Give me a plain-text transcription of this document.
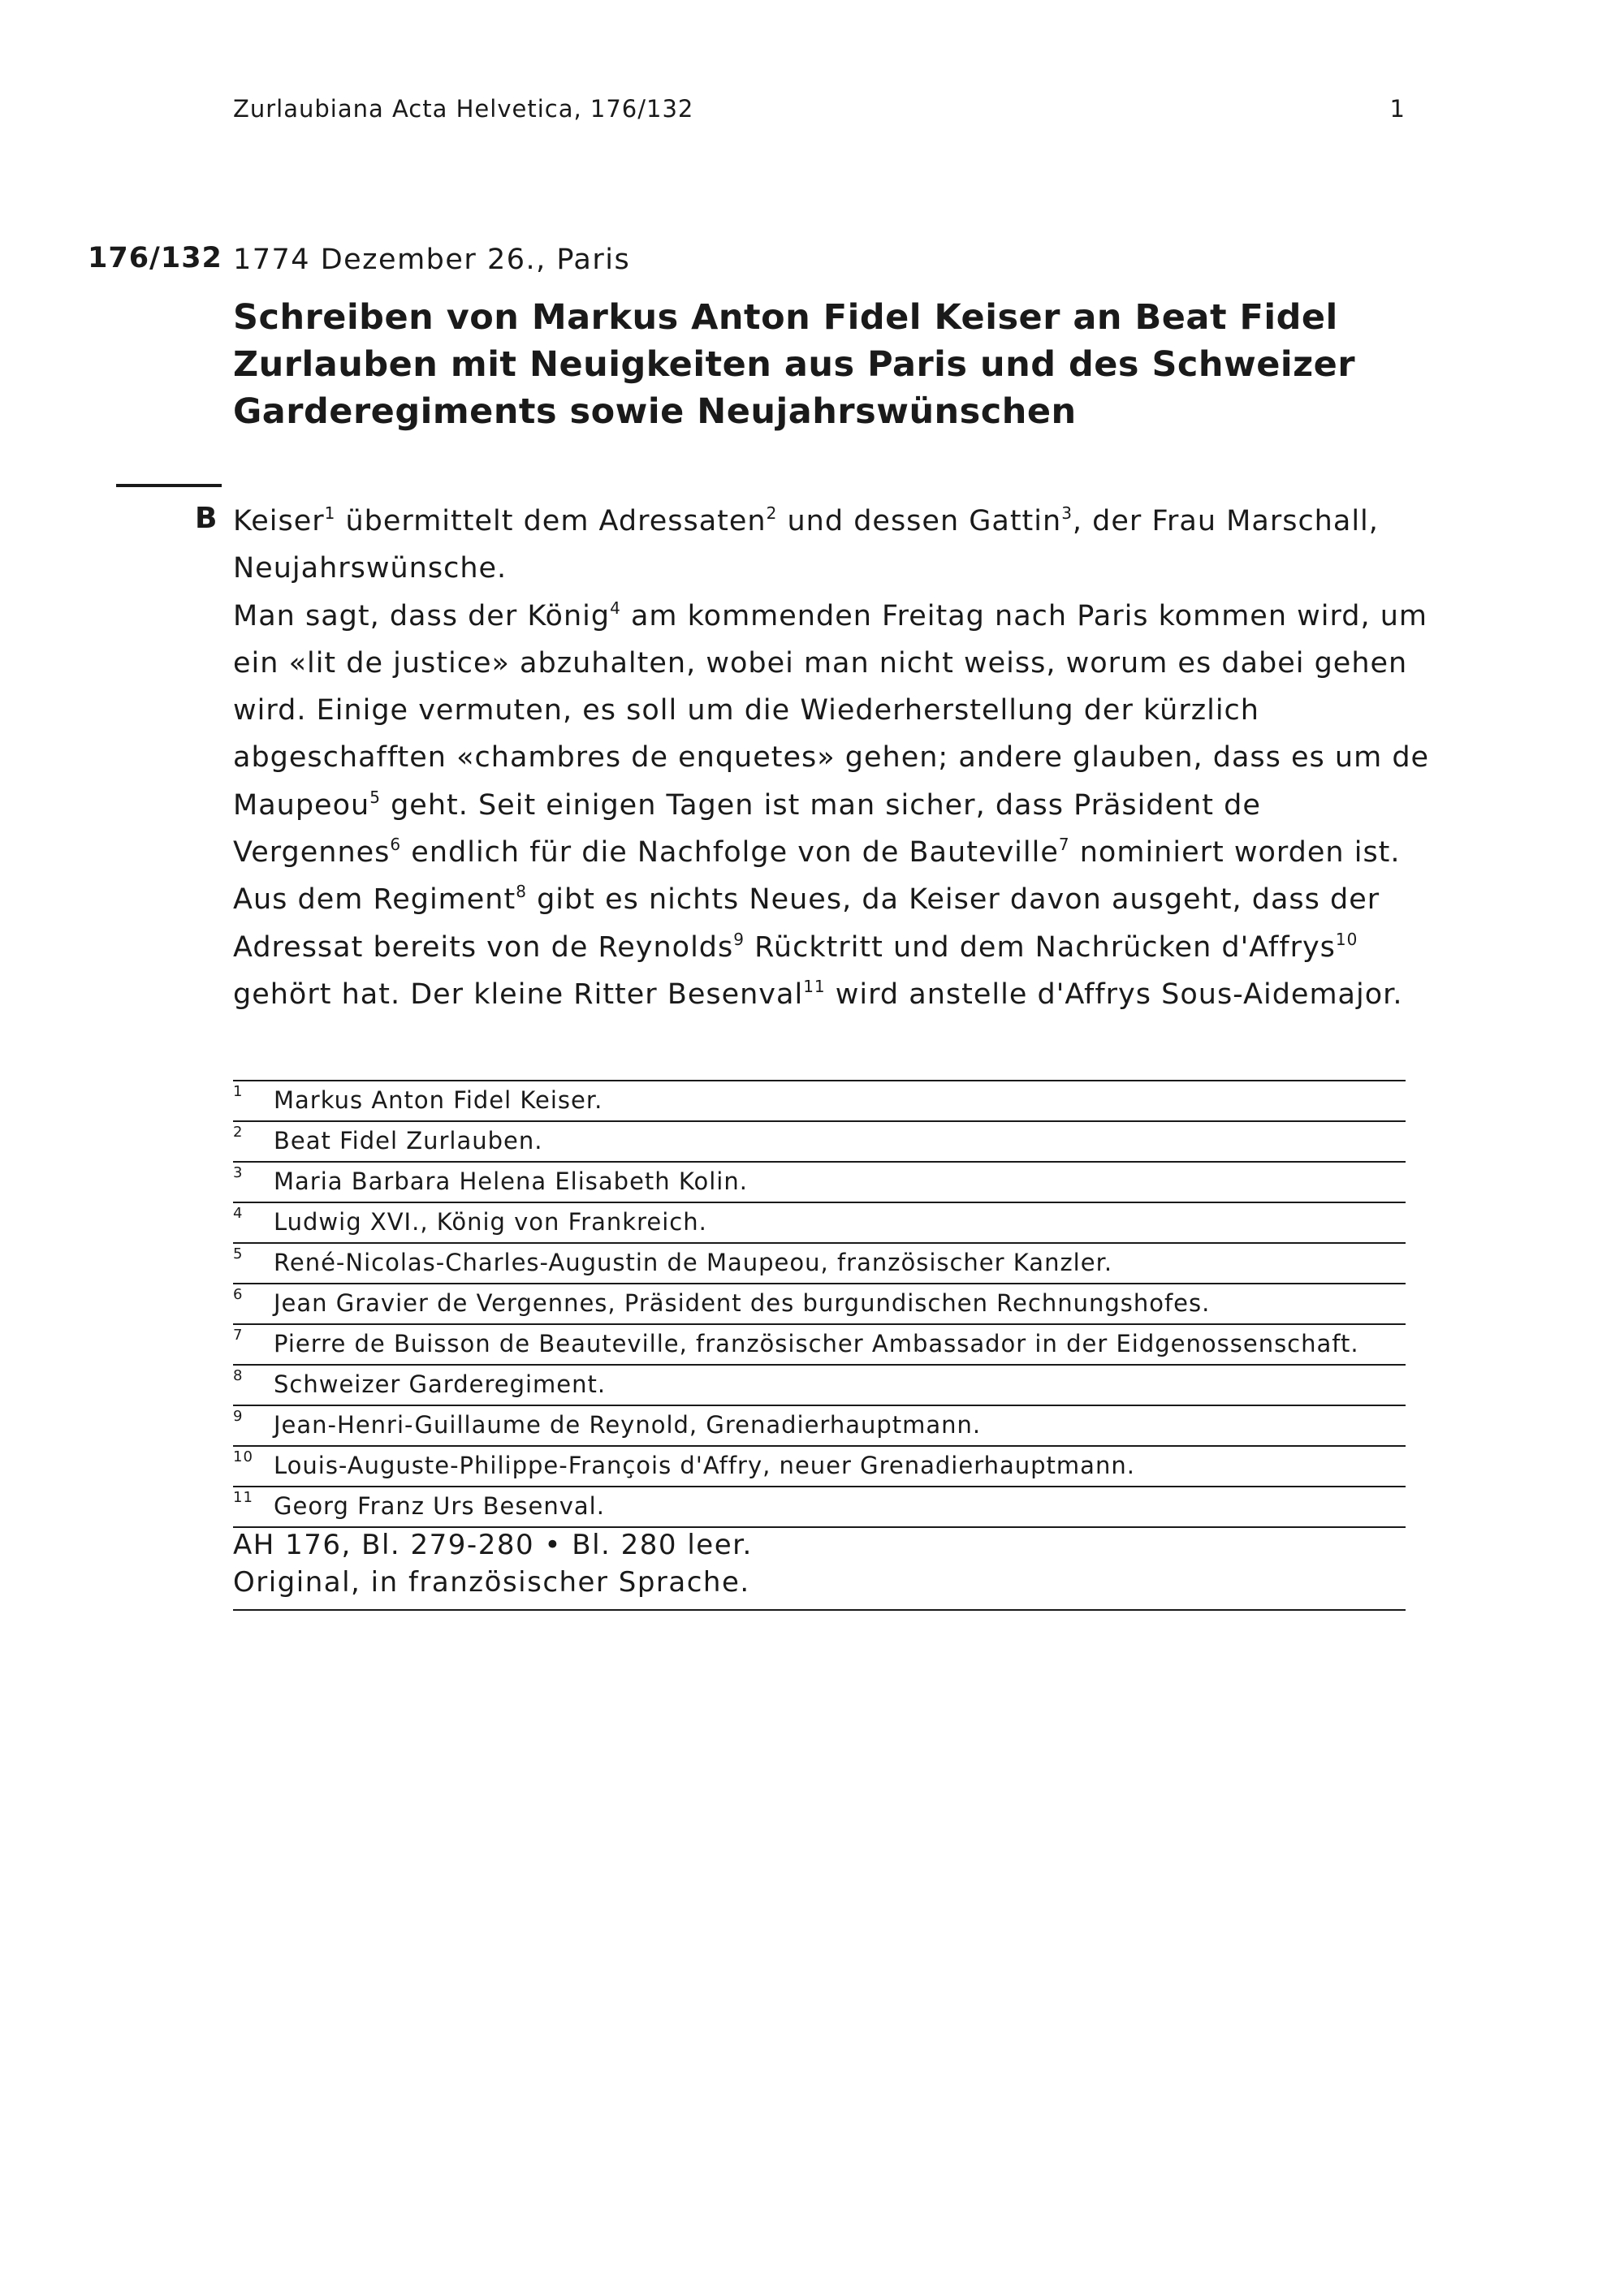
Zurlaubiana Acta Helvetica, 176/132	1
176/132 1774 Dezember 26., Paris
Schreiben von Markus Anton Fidel Keiser an Beat Fidel
Zurlauben mit Neuigkeiten aus Paris und des Schweizer
Garderegiments sowie Neujahrswünschen
B Keiser$^1$ übermittelt dem Adressaten$^2$ und dessen Gattin$^3$, der Frau Marschall,
Neujahrswünsche.
Man sagt, dass der König$^4$ am kommenden Freitag nach Paris kommen wird, um
ein «lit de justice» abzuhalten, wobei man nicht weiss, worum es dabei gehen
wird. Einige vermuten, es soll um die Wiederherstellung der kürzlich
abgeschafften «chambres de enquetes» gehen; andere glauben, dass es um de
Maupeou$^5$ geht. Seit einigen Tagen ist man sicher, dass Präsident de
Vergennes$^6$ endlich für die Nachfolge von de Bauteville$^7$ nominiert worden ist.
Aus dem Regiment$^8$ gibt es nichts Neues, da Keiser davon ausgeht, dass der
Adressat bereits von de Reynolds$^9$ Rücktritt und dem Nachrücken d'Affrys$^{10}$
gehört hat. Der kleine Ritter Besenval$^{11}$ wird anstelle d'Affrys Sous-Aidemajor.
1 Markus Anton Fidel Keiser.
2 Beat Fidel Zurlauben.
3 Maria Barbara Helena Elisabeth Kolin.
4 Ludwig XVI., König von Frankreich.
5 René-Nicolas-Charles-Augustin de Maupeou, französischer Kanzler.
6 Jean Gravier de Vergennes, Präsident des burgundischen Rechnungshofes.
7 Pierre de Buisson de Beauteville, französischer Ambassador in der Eidgenossenschaft.
8 Schweizer Garderegiment.
9 Jean-Henri-Guillaume de Reynold, Grenadierhauptmann.
10 Louis-Auguste-Philippe-François d'Affry, neuer Grenadierhauptmann.
11 Georg Franz Urs Besenval.
AH 176, Bl. 279-280 • Bl. 280 leer.
Original, in französischer Sprache.
